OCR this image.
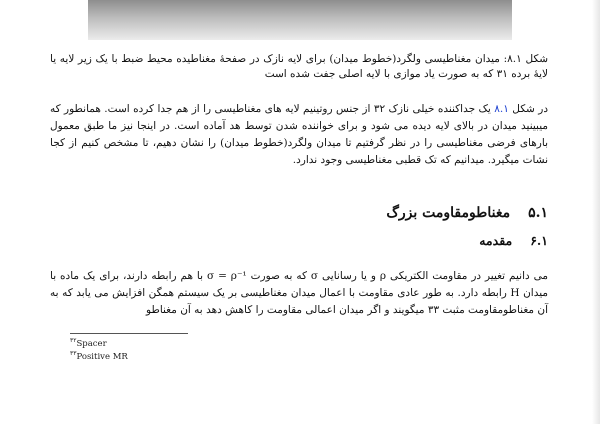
شکل ۸.۱: میدان مغناطیسی ولگرد(خطوط میدان) برای لایه نازک در صفحهٔ مغناطیده محیط ضبط با یک زیر لایه یا لایهٔ برده ۳۱ که به صورت یاد موازی با لایه اصلی جفت شده است
در شکل ۸.۱ یک جداکننده خیلی نازک ۳۲ از جنس روتینیم لایه های مغناطیسی را از هم جدا کرده است. همانطور که میبینید میدان در بالای لایه دیده می شود و برای خواننده شدن توسط هد آماده است. در اینجا نیز ما طبق معمول بارهای فرضی مغناطیسی را در نظر گرفتیم تا میدان ولگرد(خطوط میدان) را نشان دهیم، تا مشخص کنیم از کجا نشات میگیرد. میدانیم که تک قطبی مغناطیسی وجود ندارد.
۵.۱
مغناطومقاومت بزرگ
۶.۱
مقدمه
می دانیم تغییر در مقاومت الکتریکی ρ و یا رسانایی σ که به صورت σ = ρ⁻¹ با هم رابطه دارند، برای یک ماده با میدان H رابطه دارد. به طور عادی مقاومت با اعمال میدان مغناطیسی بر یک سیستم همگن افزایش می یابد که به آن مغناطومقاومت مثبت ۳۳ میگویند و اگر میدان اعمالی مقاومت را کاهش دهد به آن مغناطو
$^{۳۲}$Spacer
$^{۳۳}$Positive MR
